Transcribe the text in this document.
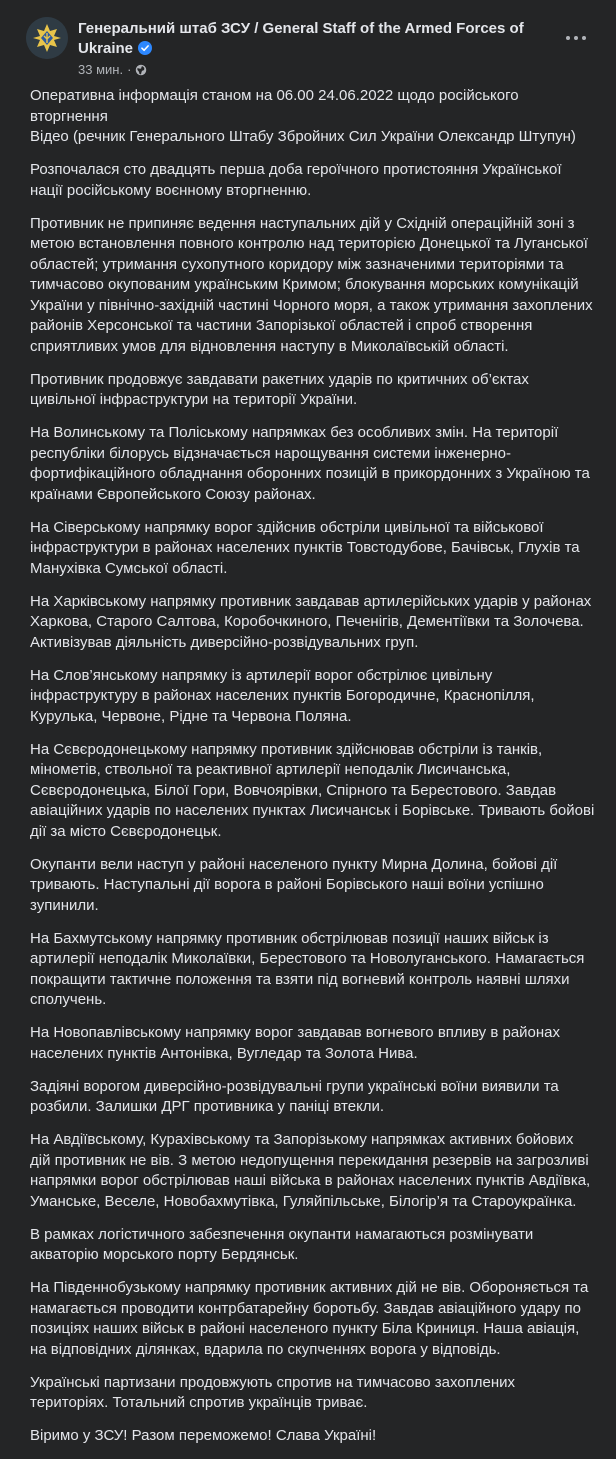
Генеральний штаб ЗСУ / General Staff of the Armed Forces of Ukraine
33 мин. ·

Оперативна інформація станом на 06.00 24.06.2022 щодо російського вторгнення
Відео (речник Генерального Штабу Збройних Сил України Олександр Штупун)

Розпочалася сто двадцять перша доба героїчного протистояння Української нації російському воєнному вторгненню.

Противник не припиняє ведення наступальних дій у Східній операційній зоні з метою встановлення повного контролю над територією Донецької та Луганської областей; утримання сухопутного коридору між зазначеними територіями та тимчасово окупованим українським Кримом; блокування морських комунікацій України у північно-західній частині Чорного моря, а також утримання захоплених районів Херсонської та частини Запорізької областей і спроб створення сприятливих умов для відновлення наступу в Миколаївській області.

Противник продовжує завдавати ракетних ударів по критичних об’єктах цивільної інфраструктури на території України.

На Волинському та Поліському напрямках без особливих змін. На території республіки білорусь відзначається нарощування системи інженерно-фортифікаційного обладнання оборонних позицій в прикордонних з Україною та країнами Європейського Союзу районах.

На Сіверському напрямку ворог здійснив обстріли цивільної та військової інфраструктури в районах населених пунктів Товстодубове, Бачівськ, Глухів та Манухівка Сумської області.

На Харківському напрямку противник завдавав артилерійських ударів у районах Харкова, Старого Салтова, Коробочкиного, Печенігів, Дементіївки та Золочева. Активізував діяльність диверсійно-розвідувальних груп.

На Слов’янському напрямку із артилерії ворог обстрілює цивільну інфраструктуру в районах населених пунктів Богородичне, Краснопілля, Курулька, Червоне, Рідне та Червона Поляна.

На Сєвєродонецькому напрямку противник здійснював обстріли із танків, мінометів, ствольної та реактивної артилерії неподалік Лисичанська, Сєвєродонецька, Білої Гори, Вовчоярівки, Спірного та Берестового. Завдав авіаційних ударів по населених пунктах Лисичанськ і Борівське. Тривають бойові дії за місто Сєвєродонецьк.

Окупанти вели наступ у районі населеного пункту Мирна Долина, бойові дії тривають. Наступальні дії ворога в районі Борівського наші воїни успішно зупинили.

На Бахмутському напрямку противник обстрілював позиції наших військ із артилерії неподалік Миколаївки, Берестового та Новолуганського. Намагається покращити тактичне положення та взяти під вогневий контроль наявні шляхи сполучень.

На Новопавлівському напрямку ворог завдавав вогневого впливу в районах населених пунктів Антонівка, Вугледар та Золота Нива.

Задіяні ворогом диверсійно-розвідувальні групи українські воїни виявили та розбили. Залишки ДРГ противника у паніці втекли.

На Авдіївському, Курахівському та Запорізькому напрямках активних бойових дій противник не вів. З метою недопущення перекидання резервів на загрозливі напрямки ворог обстрілював наші війська в районах населених пунктів Авдіївка, Уманське, Веселе, Новобахмутівка, Гуляйпільське, Білогір’я та Староукраїнка.

В рамках логістичного забезпечення окупанти намагаються розмінувати акваторію морського порту Бердянськ.

На Південнобузькому напрямку противник активних дій не вів. Обороняється та намагається проводити контрбатарейну боротьбу. Завдав авіаційного удару по позиціях наших військ в районі населеного пункту Біла Криниця. Наша авіація, на відповідних ділянках, вдарила по скупченнях ворога у відповідь.

Українські партизани продовжують спротив на тимчасово захоплених територіях. Тотальний спротив українців триває.

Віримо у ЗСУ! Разом переможемо! Слава Україні!
